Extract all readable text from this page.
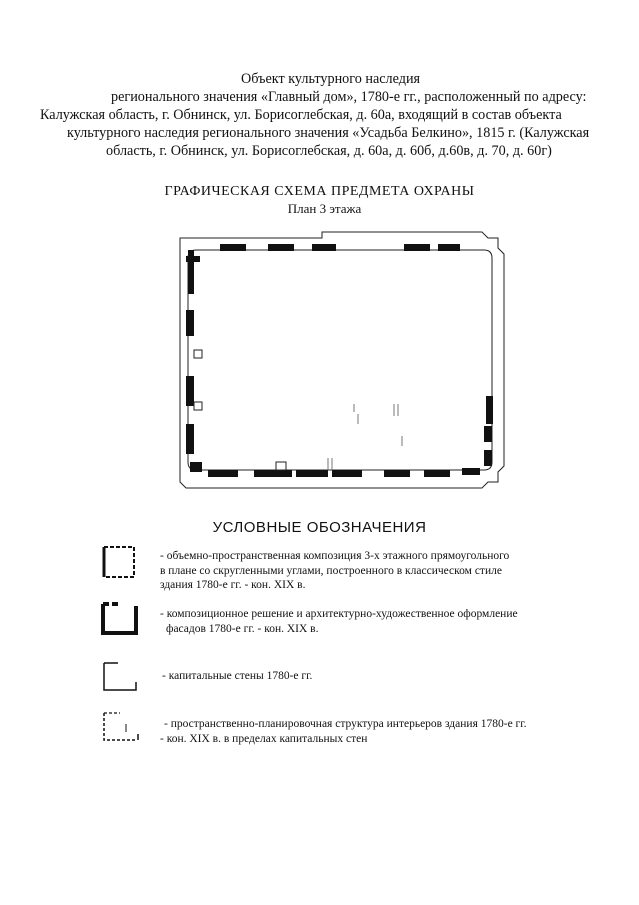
Объект культурного наследия
регионального значения «Главный дом», 1780-е гг., расположенный по адресу:
Калужская область, г. Обнинск, ул. Борисоглебская, д. 60а, входящий в состав объекта
культурного наследия регионального значения «Усадьба Белкино», 1815 г. (Калужская
область, г. Обнинск, ул. Борисоглебская, д. 60а, д. 60б, д.60в, д. 70, д. 60г)
ГРАФИЧЕСКАЯ СХЕМА ПРЕДМЕТА ОХРАНЫ
План 3 этажа
УСЛОВНЫЕ ОБОЗНАЧЕНИЯ
- объемно-пространственная композиция 3-х этажного прямоугольного
в плане со скругленными углами, построенного в классическом стиле
здания 1780-е гг. - кон. XIX в.
- композиционное решение и архитектурно-художественное оформление
фасадов 1780-е гг. - кон. XIX в.
- капитальные стены 1780-е гг.
- пространственно-планировочная структура интерьеров здания 1780-е гг.
- кон. XIX в. в пределах капитальных стен
